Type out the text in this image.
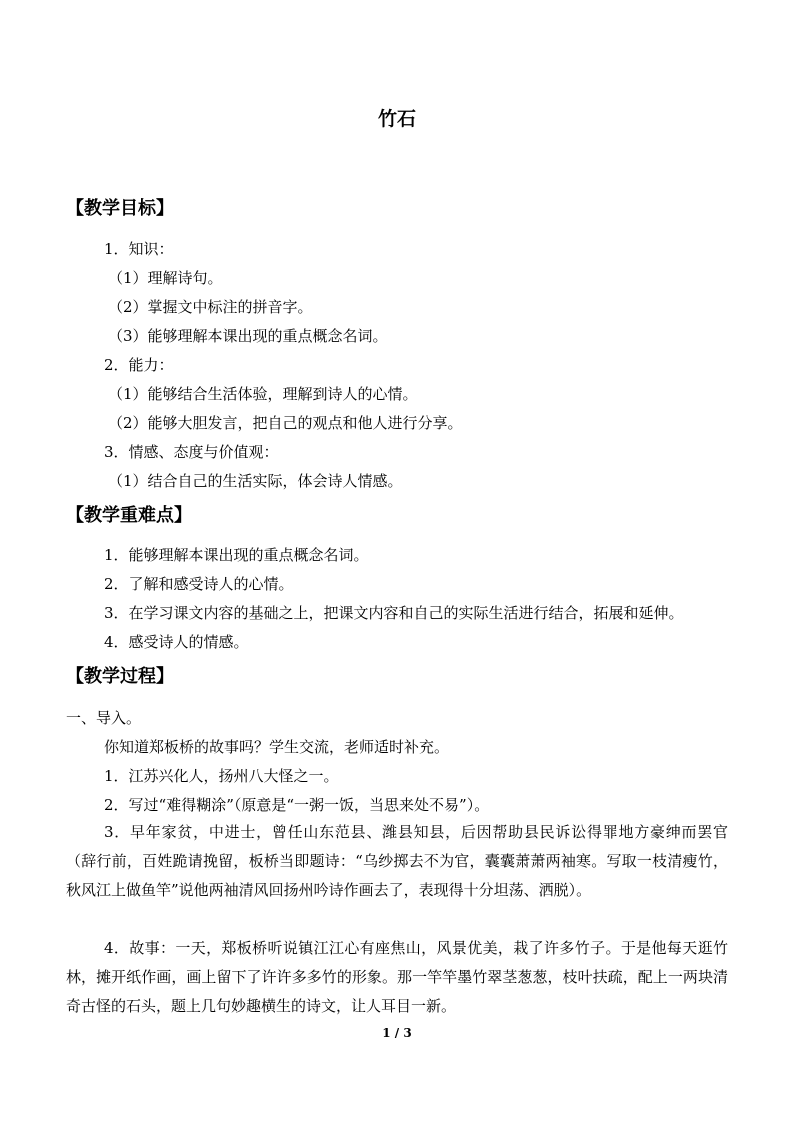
竹石
【教学目标】
1．知识：
（1）理解诗句。
（2）掌握文中标注的拼音字。
（3）能够理解本课出现的重点概念名词。
2．能力：
（1）能够结合生活体验，理解到诗人的心情。
（2）能够大胆发言，把自己的观点和他人进行分享。
3．情感、态度与价值观：
（1）结合自己的生活实际，体会诗人情感。
【教学重难点】
1．能够理解本课出现的重点概念名词。
2．了解和感受诗人的心情。
3．在学习课文内容的基础之上，把课文内容和自己的实际生活进行结合，拓展和延伸。
4．感受诗人的情感。
【教学过程】
一、导入。
你知道郑板桥的故事吗？学生交流，老师适时补充。
1．江苏兴化人，扬州八大怪之一。
2．写过“难得糊涂”（原意是“一粥一饭，当思来处不易”）。
3．早年家贫，中进士，曾任山东范县、潍县知县，后因帮助县民诉讼得罪地方豪绅而罢官（辞行前，百姓跪请挽留，板桥当即题诗：“乌纱掷去不为官，囊囊萧萧两袖寒。写取一枝清瘦竹，秋风江上做鱼竿”说他两袖清风回扬州吟诗作画去了，表现得十分坦荡、洒脱）。
4．故事：一天，郑板桥听说镇江江心有座焦山，风景优美，栽了许多竹子。于是他每天逛竹林，摊开纸作画，画上留下了许许多多竹的形象。那一竿竿墨竹翠茎葱葱，枝叶扶疏，配上一两块清奇古怪的石头，题上几句妙趣横生的诗文，让人耳目一新。
1 / 3
